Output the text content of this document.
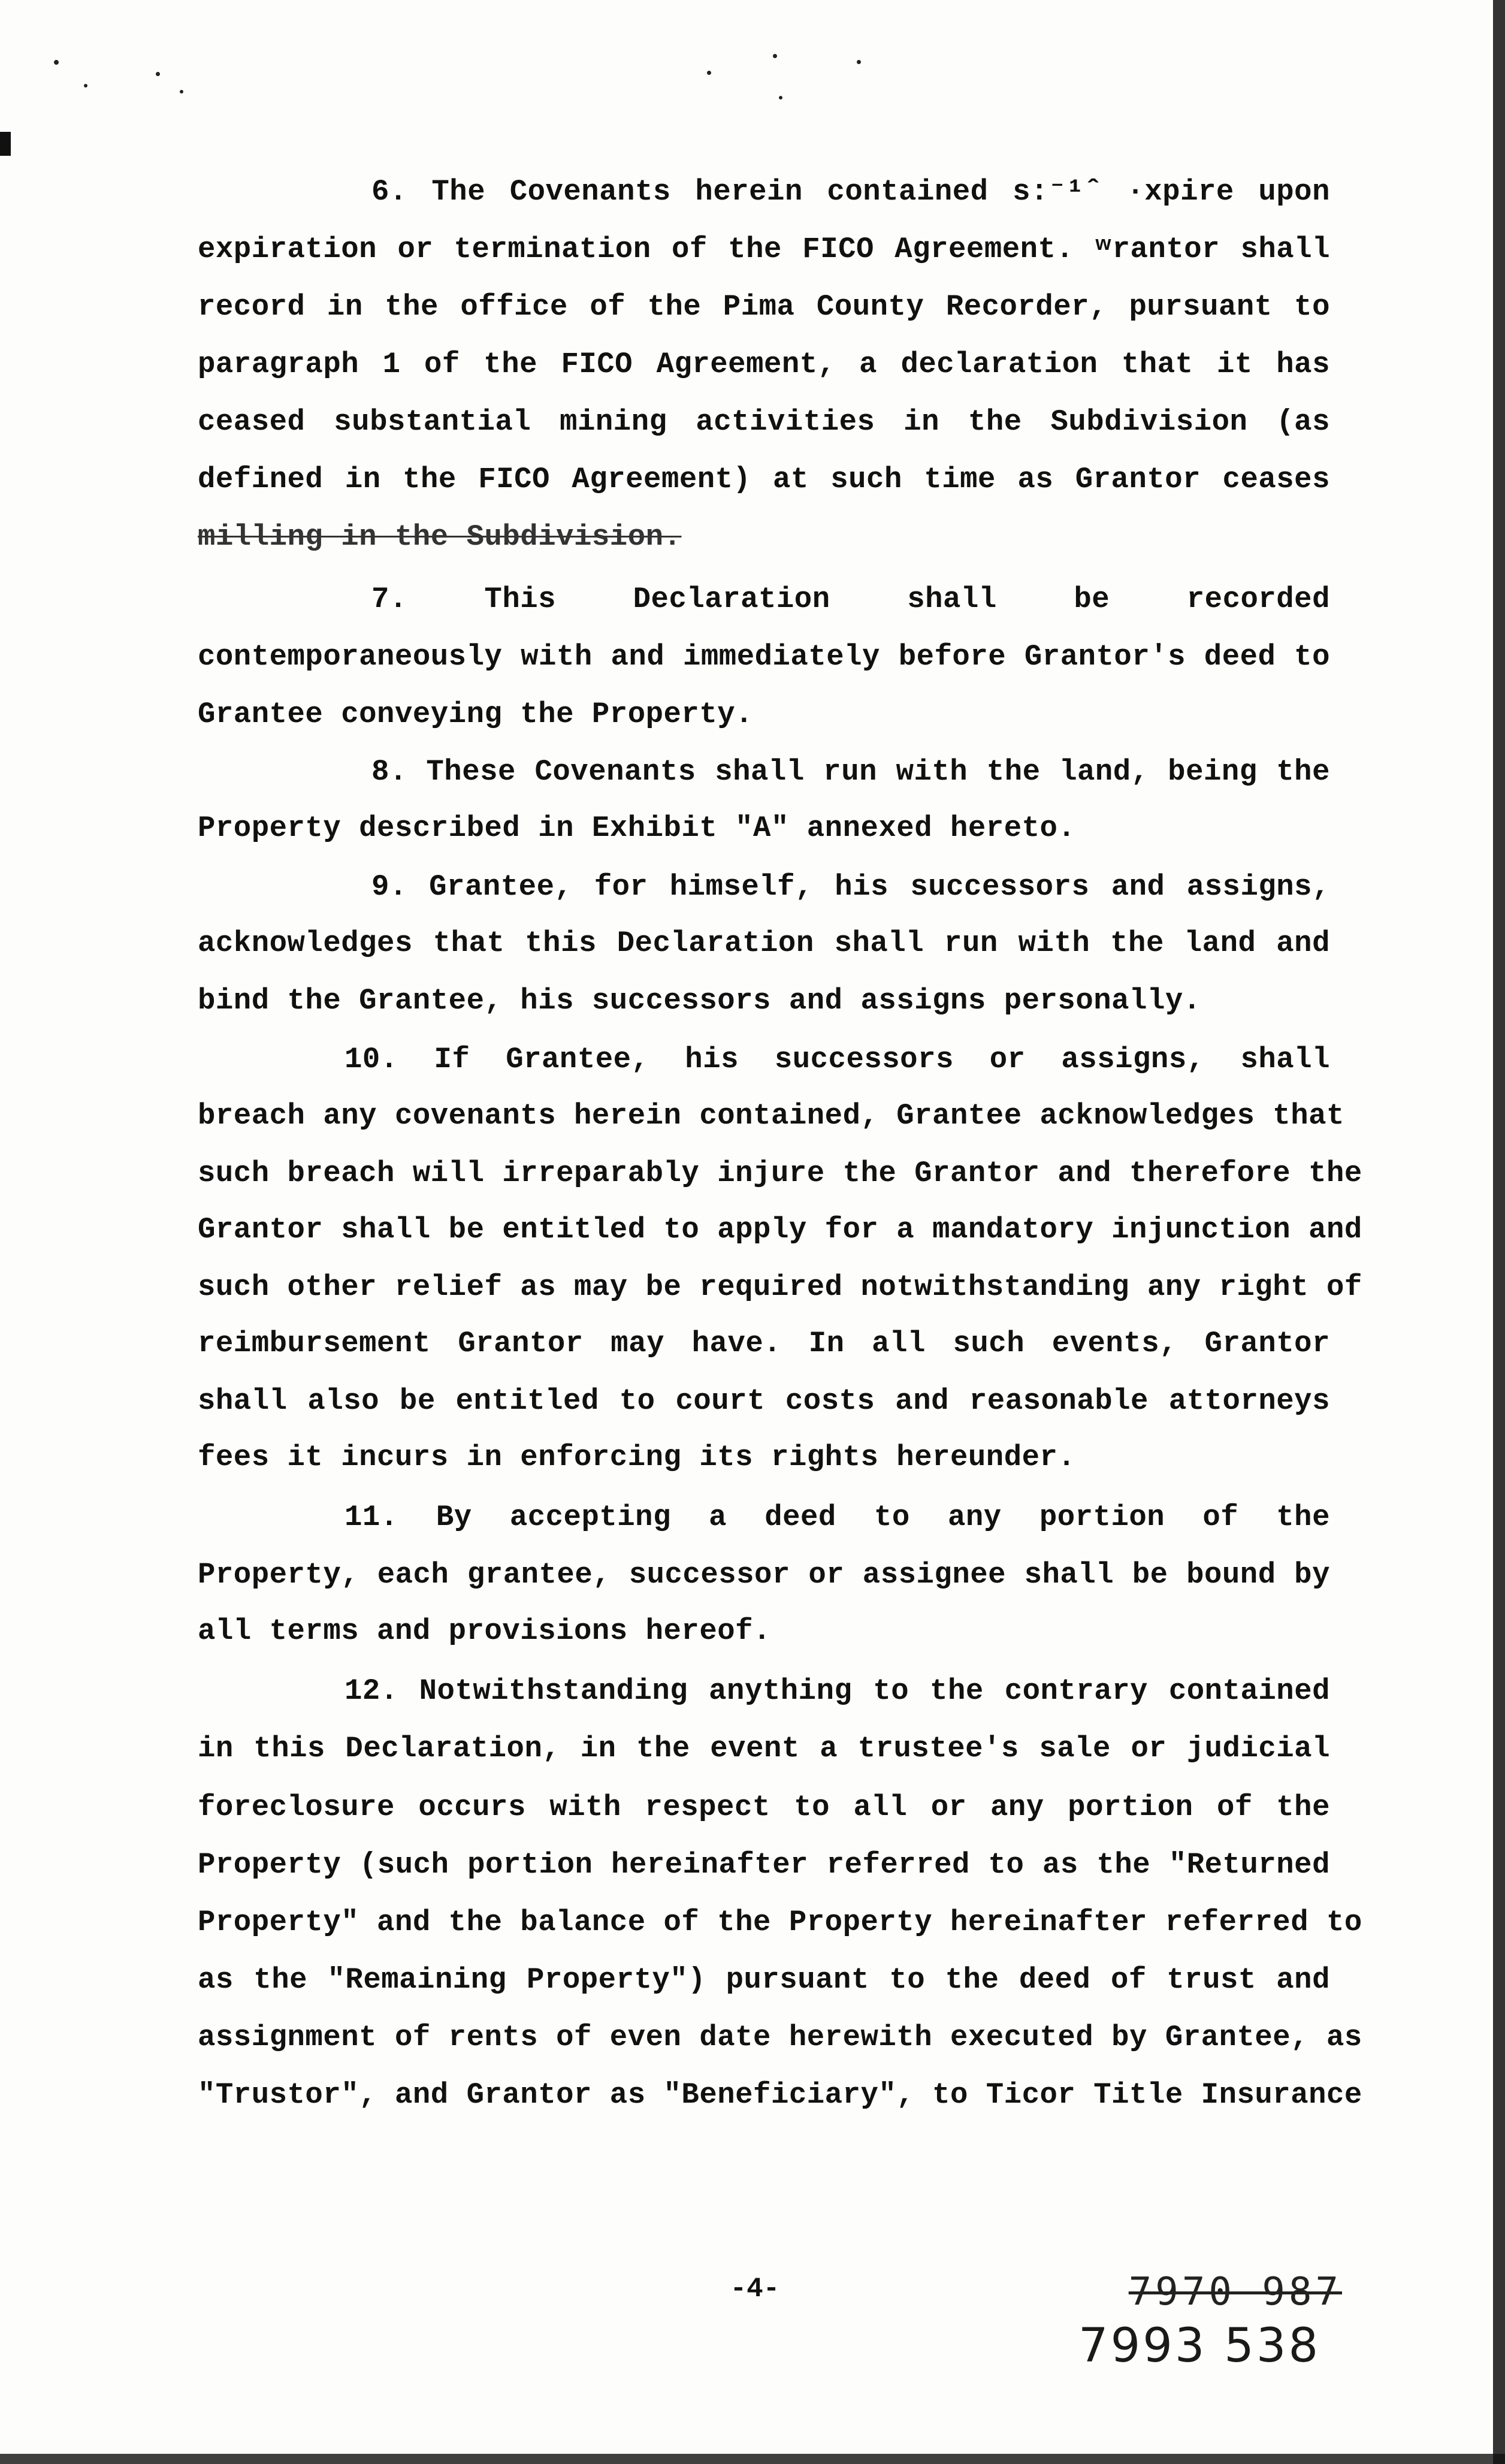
6. The Covenants herein contained s:⁻¹ˆ ·xpire upon
expiration or termination of the FICO Agreement. ʷrantor shall
record in the office of the Pima County Recorder, pursuant to
paragraph 1 of the FICO Agreement, a declaration that it has
ceased substantial mining activities in the Subdivision (as
defined in the FICO Agreement) at such time as Grantor ceases
milling in the Subdivision.
7. This Declaration shall be recorded
contemporaneously with and immediately before Grantor's deed to
Grantee conveying the Property.
8. These Covenants shall run with the land, being the
Property described in Exhibit "A" annexed hereto.
9. Grantee, for himself, his successors and assigns,
acknowledges that this Declaration shall run with the land and
bind the Grantee, his successors and assigns personally.
10. If Grantee, his successors or assigns, shall
breach any covenants herein contained, Grantee acknowledges that
such breach will irreparably injure the Grantor and therefore the
Grantor shall be entitled to apply for a mandatory injunction and
such other relief as may be required notwithstanding any right of
reimbursement Grantor may have. In all such events, Grantor
shall also be entitled to court costs and reasonable attorneys
fees it incurs in enforcing its rights hereunder.
11. By accepting a deed to any portion of the
Property, each grantee, successor or assignee shall be bound by
all terms and provisions hereof.
12. Notwithstanding anything to the contrary contained
in this Declaration, in the event a trustee's sale or judicial
foreclosure occurs with respect to all or any portion of the
Property (such portion hereinafter referred to as the "Returned
Property" and the balance of the Property hereinafter referred to
as the "Remaining Property") pursuant to the deed of trust and
assignment of rents of even date herewith executed by Grantee, as
"Trustor", and Grantor as "Beneficiary", to Ticor Title Insurance
-4-	7970 987
7993 538
